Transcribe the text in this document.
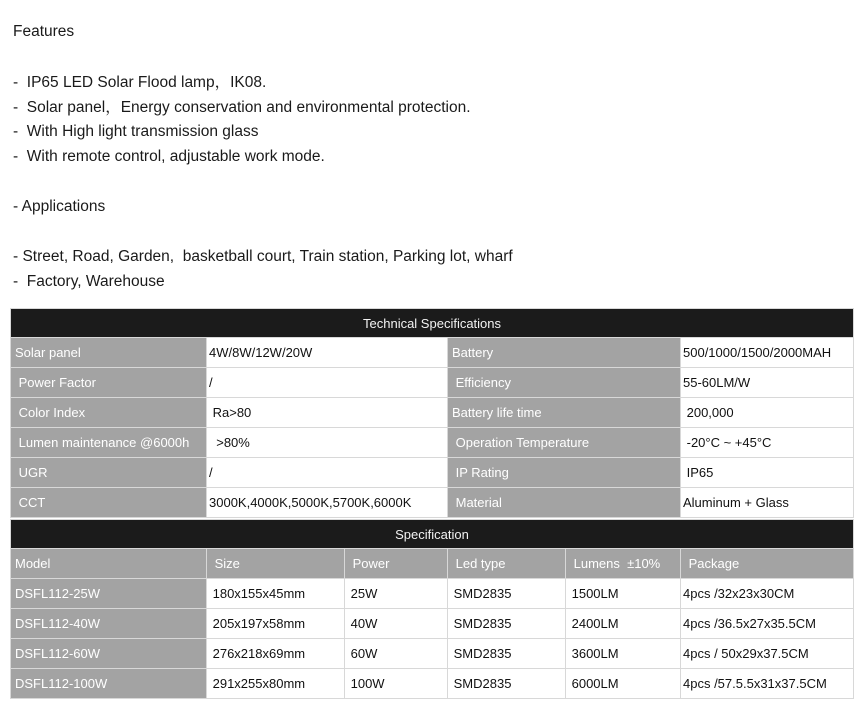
Features
-  IP65 LED Solar Flood lamp，IK08.
-  Solar panel，Energy conservation and environmental protection.
-  With High light transmission glass
-  With remote control, adjustable work mode.
- Applications
- Street, Road, Garden,  basketball court, Train station, Parking lot, wharf
-  Factory, Warehouse
Technical Specifications			
Solar panel	4W/8W/12W/20W	Battery	500/1000/1500/2000MAH
Power Factor	/	Efficiency	55-60LM/W
Color Index	Ra>80	Battery life time	200,000
Lumen maintenance @6000h	>80%	Operation Temperature	-20°C ~ +45°C
UGR	/	IP Rating	IP65
CCT	3000K,4000K,5000K,5700K,6000K	Material	Aluminum + Glass
Specification					
Model	Size	Power	Led type	Lumens  ±10%	Package
DSFL112-25W	180x155x45mm	25W	SMD2835	1500LM	4pcs /32x23x30CM
DSFL112-40W	205x197x58mm	40W	SMD2835	2400LM	4pcs /36.5x27x35.5CM
DSFL112-60W	276x218x69mm	60W	SMD2835	3600LM	4pcs / 50x29x37.5CM
DSFL112-100W	291x255x80mm	100W	SMD2835	6000LM	4pcs /57.5.5x31x37.5CM
